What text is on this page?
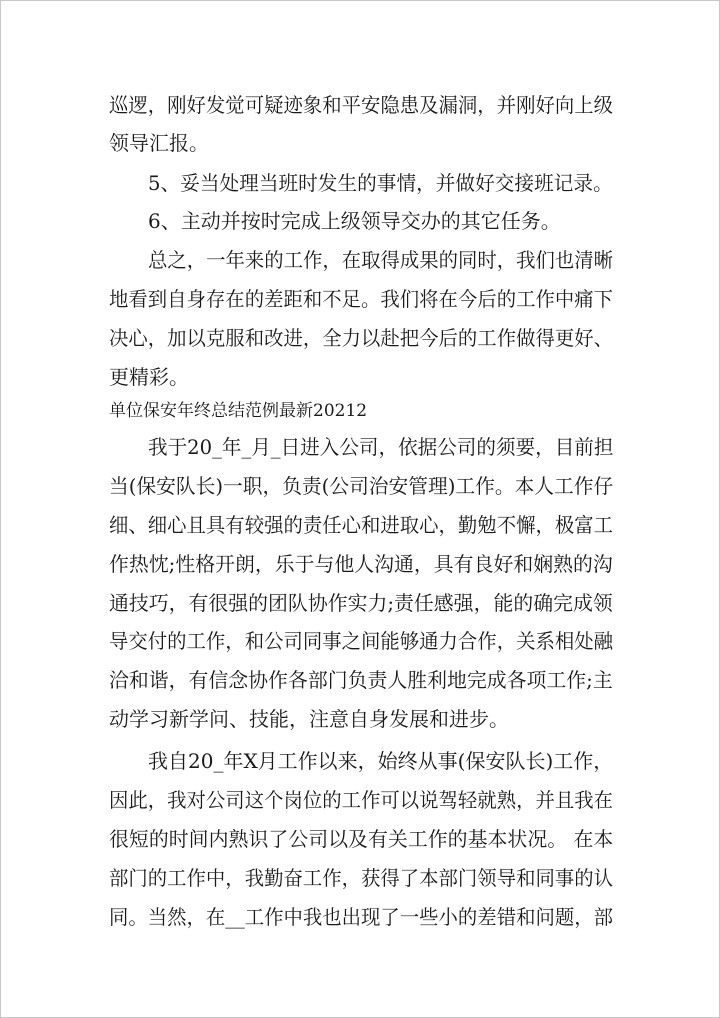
巡逻，刚好发觉可疑迹象和平安隐患及漏洞，并刚好向上级
领导汇报。
5、妥当处理当班时发生的事情，并做好交接班记录。
6、主动并按时完成上级领导交办的其它任务。
总之，一年来的工作，在取得成果的同时，我们也清晰
地看到自身存在的差距和不足。我们将在今后的工作中痛下
决心，加以克服和改进，全力以赴把今后的工作做得更好、
更精彩。
单位保安年终总结范例最新20212
我于20_年_月_日进入公司，依据公司的须要，目前担
当(保安队长)一职，负责(公司治安管理)工作。本人工作仔
细、细心且具有较强的责任心和进取心，勤勉不懈，极富工
作热忱;性格开朗，乐于与他人沟通，具有良好和娴熟的沟
通技巧，有很强的团队协作实力;责任感强，能的确完成领
导交付的工作，和公司同事之间能够通力合作，关系相处融
洽和谐，有信念协作各部门负责人胜利地完成各项工作;主
动学习新学问、技能，注意自身发展和进步。
我自20_年X月工作以来，始终从事(保安队长)工作，
因此，我对公司这个岗位的工作可以说驾轻就熟，并且我在
很短的时间内熟识了公司以及有关工作的基本状况。 在本
部门的工作中，我勤奋工作，获得了本部门领导和同事的认
同。当然，在__工作中我也出现了一些小的差错和问题，部
